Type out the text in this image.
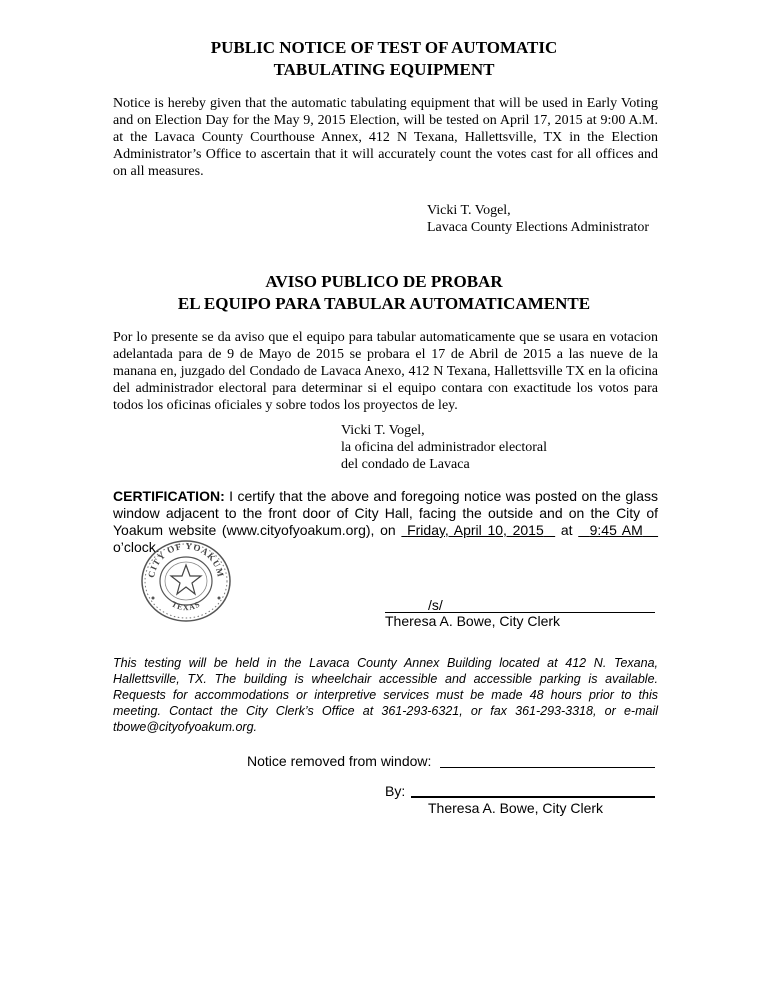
PUBLIC NOTICE OF TEST OF AUTOMATIC
TABULATING EQUIPMENT
Notice is hereby given that the automatic tabulating equipment that will be used in Early Voting and on Election Day for the May 9, 2015 Election, will be tested on April 17, 2015 at 9:00 A.M. at the Lavaca County Courthouse Annex, 412 N Texana, Hallettsville, TX in the Election Administrator’s Office to ascertain that it will accurately count the votes cast for all offices and on all measures.
Vicki T. Vogel,
Lavaca County Elections Administrator
AVISO PUBLICO DE PROBAR
EL EQUIPO PARA TABULAR AUTOMATICAMENTE
Por lo presente se da aviso que el equipo para tabular automaticamente que se usara en votacion adelantada para de 9 de Mayo de 2015 se probara el 17 de Abril de 2015 a las nueve de la manana en, juzgado del Condado de Lavaca Anexo, 412 N Texana, Hallettsville TX en la oficina del administrador electoral para determinar si el equipo contara con exactitude los votos para todos los oficinas oficiales y sobre todos los proyectos de ley.
Vicki T. Vogel,
la oficina del administrador electoral
del condado de Lavaca
CERTIFICATION: I certify that the above and foregoing notice was posted on the glass window adjacent to the front door of City Hall, facing the outside and on the City of Yoakum website (www.cityofyoakum.org), on Friday, April 10, 2015 at 9:45 AM    o’clock.
CITY OF YOAKUM
TEXAS	/s/
Theresa A. Bowe, City Clerk
This testing will be held in the Lavaca County Annex Building located at 412 N. Texana, Hallettsville, TX. The building is wheelchair accessible and accessible parking is available. Requests for accommodations or interpretive services must be made 48 hours prior to this meeting. Contact the City Clerk’s Office at 361-293-6321, or fax 361-293-3318, or e-mail tbowe@cityofyoakum.org.
Notice removed from window:
By:
Theresa A. Bowe, City Clerk
